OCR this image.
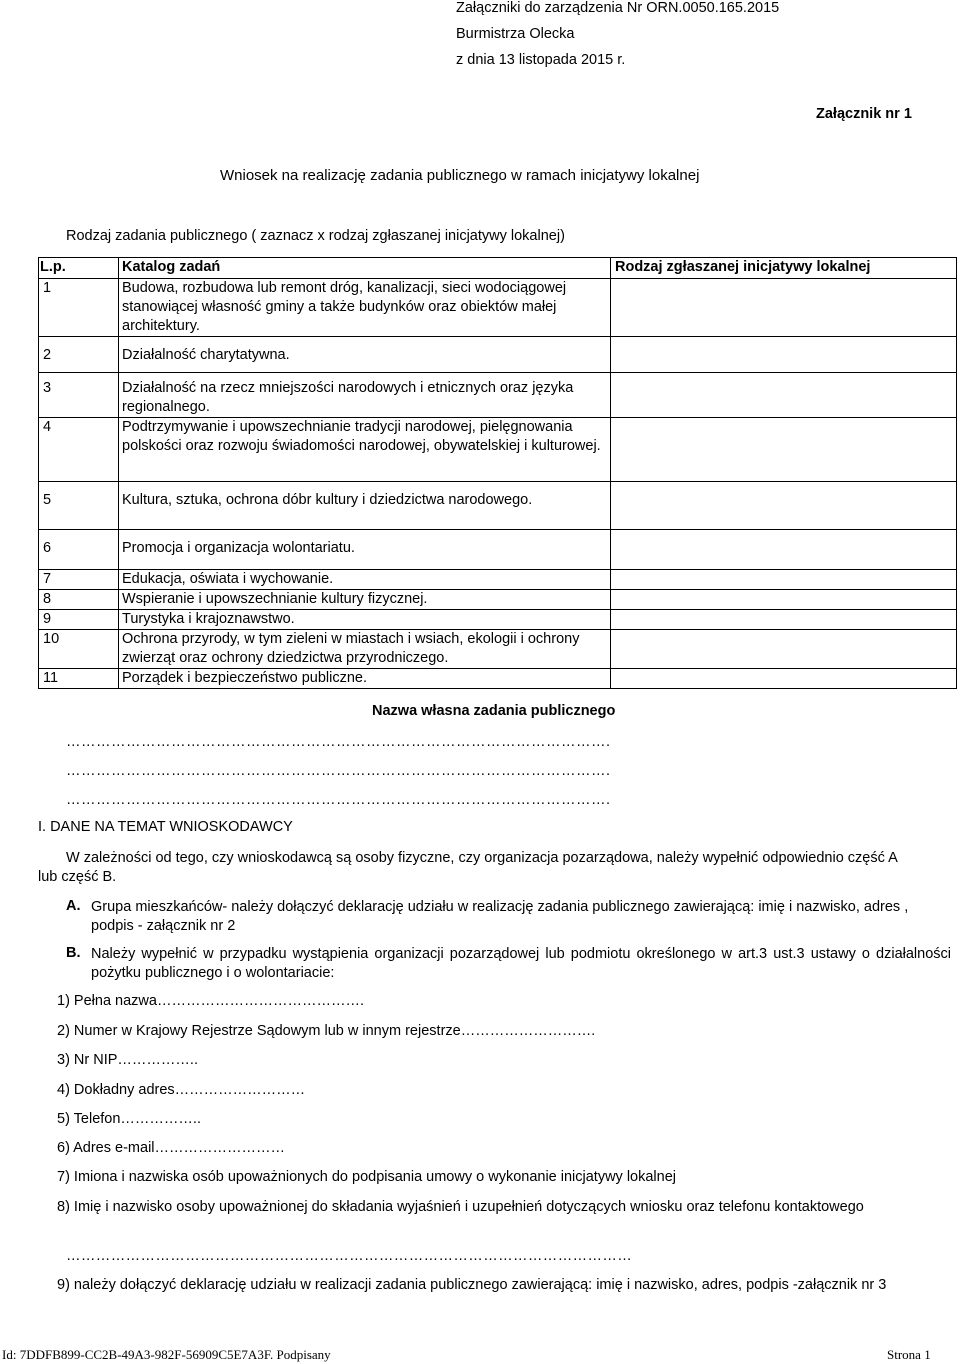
Załączniki do zarządzenia Nr ORN.0050.165.2015
Burmistrza Olecka
z dnia 13 listopada 2015 r.
Załącznik nr 1
Wniosek na realizację zadania publicznego w ramach inicjatywy lokalnej
Rodzaj zadania publicznego ( zaznacz x rodzaj zgłaszanej inicjatywy lokalnej)
L.p.	Katalog zadań	Rodzaj zgłaszanej inicjatywy lokalnej
1	Budowa, rozbudowa lub remont dróg, kanalizacji, sieci wodociągowej stanowiącej własność gminy a także budynków oraz obiektów małej architektury.	
2	Działalność charytatywna.	
3	Działalność na rzecz mniejszości narodowych i etnicznych oraz języka regionalnego.	
4	Podtrzymywanie i upowszechnianie tradycji narodowej, pielęgnowania polskości oraz rozwoju świadomości narodowej, obywatelskiej i kulturowej.	
5	Kultura, sztuka, ochrona dóbr kultury i dziedzictwa narodowego.	
6	Promocja i organizacja wolontariatu.	
7	Edukacja, oświata i wychowanie.	
8	Wspieranie i upowszechnianie kultury fizycznej.	
9	Turystyka i krajoznawstwo.	
10	Ochrona przyrody, w tym zieleni w miastach i wsiach, ekologii i ochrony zwierząt oraz ochrony dziedzictwa przyrodniczego.	
11	Porządek i bezpieczeństwo publiczne.	
Nazwa własna zadania publicznego
……………………………………………………………………………………………….
……………………………………………………………………………………………….
……………………………………………………………………………………………….
I. DANE NA TEMAT WNIOSKODAWCY
W zależności od tego, czy wnioskodawcą są osoby fizyczne, czy organizacja pozarządowa, należy wypełnić odpowiednio część A lub część B.
A. Grupa mieszkańców- należy dołączyć deklarację udziału w realizację zadania publicznego zawierającą: imię i nazwisko, adres , podpis - załącznik nr 2
B. Należy wypełnić w przypadku wystąpienia organizacji pozarządowej lub podmiotu określonego w art.3 ust.3 ustawy o działalności pożytku publicznego i o wolontariacie:
1) Pełna nazwa…………………………………….
2) Numer w Krajowy Rejestrze Sądowym lub w innym rejestrze……………………….
3) Nr NIP……………..
4) Dokładny adres………………………
5) Telefon……………..
6) Adres e-mail………………………
7) Imiona i nazwiska osób upoważnionych do podpisania umowy o wykonanie inicjatywy lokalnej
8) Imię i nazwisko osoby upoważnionej do składania wyjaśnień i uzupełnień dotyczących wniosku oraz telefonu kontaktowego
……………………………………………………………………………………………………
9) należy dołączyć deklarację udziału w realizacji zadania publicznego zawierającą: imię i nazwisko, adres, podpis -załącznik nr 3
Id: 7DDFB899-CC2B-49A3-982F-56909C5E7A3F. Podpisany	Strona 1
